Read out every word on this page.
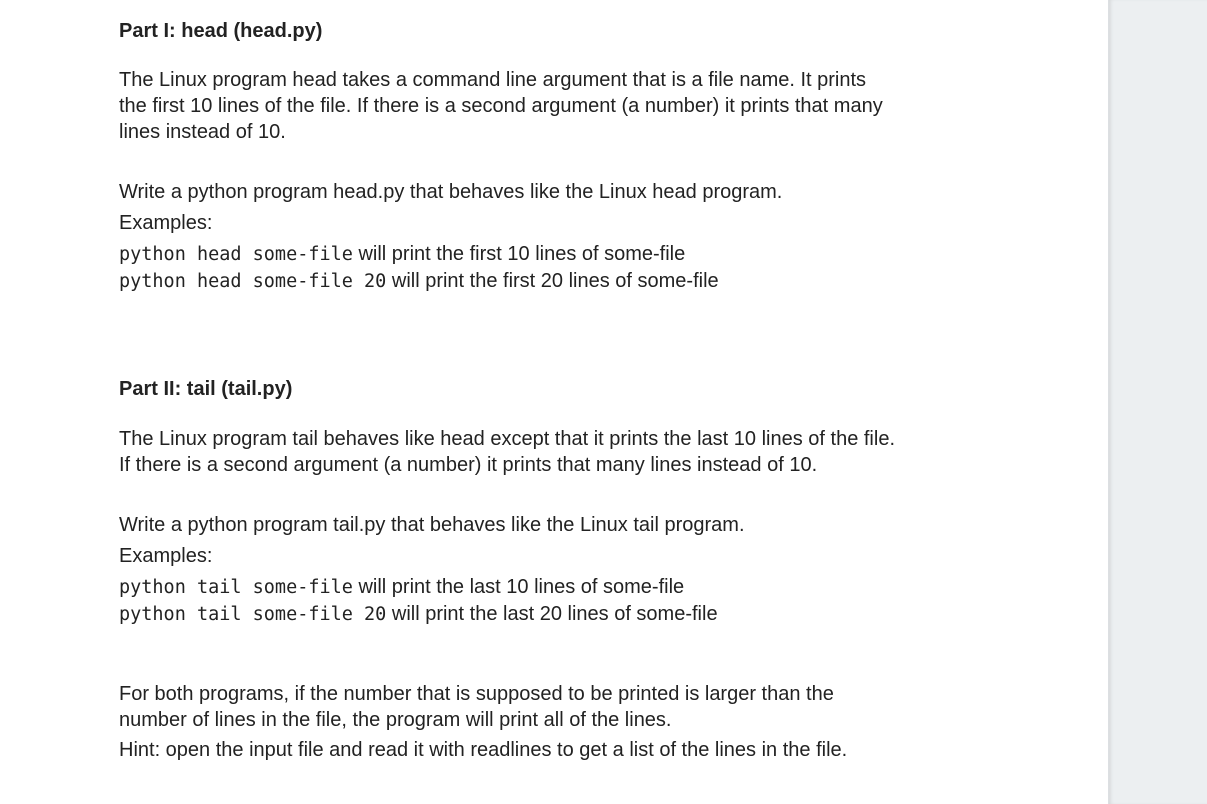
Part I: head (head.py)
The Linux program head takes a command line argument that is a file name. It prints
the first 10 lines of the file. If there is a second argument (a number) it prints that many
lines instead of 10.
Write a python program head.py that behaves like the Linux head program.
Examples:
python head some-file will print the first 10 lines of some-file
python head some-file 20 will print the first 20 lines of some-file
Part II: tail (tail.py)
The Linux program tail behaves like head except that it prints the last 10 lines of the file.
If there is a second argument (a number) it prints that many lines instead of 10.
Write a python program tail.py that behaves like the Linux tail program.
Examples:
python tail some-file will print the last 10 lines of some-file
python tail some-file 20 will print the last 20 lines of some-file
For both programs, if the number that is supposed to be printed is larger than the
number of lines in the file, the program will print all of the lines.
Hint: open the input file and read it with readlines to get a list of the lines in the file.
